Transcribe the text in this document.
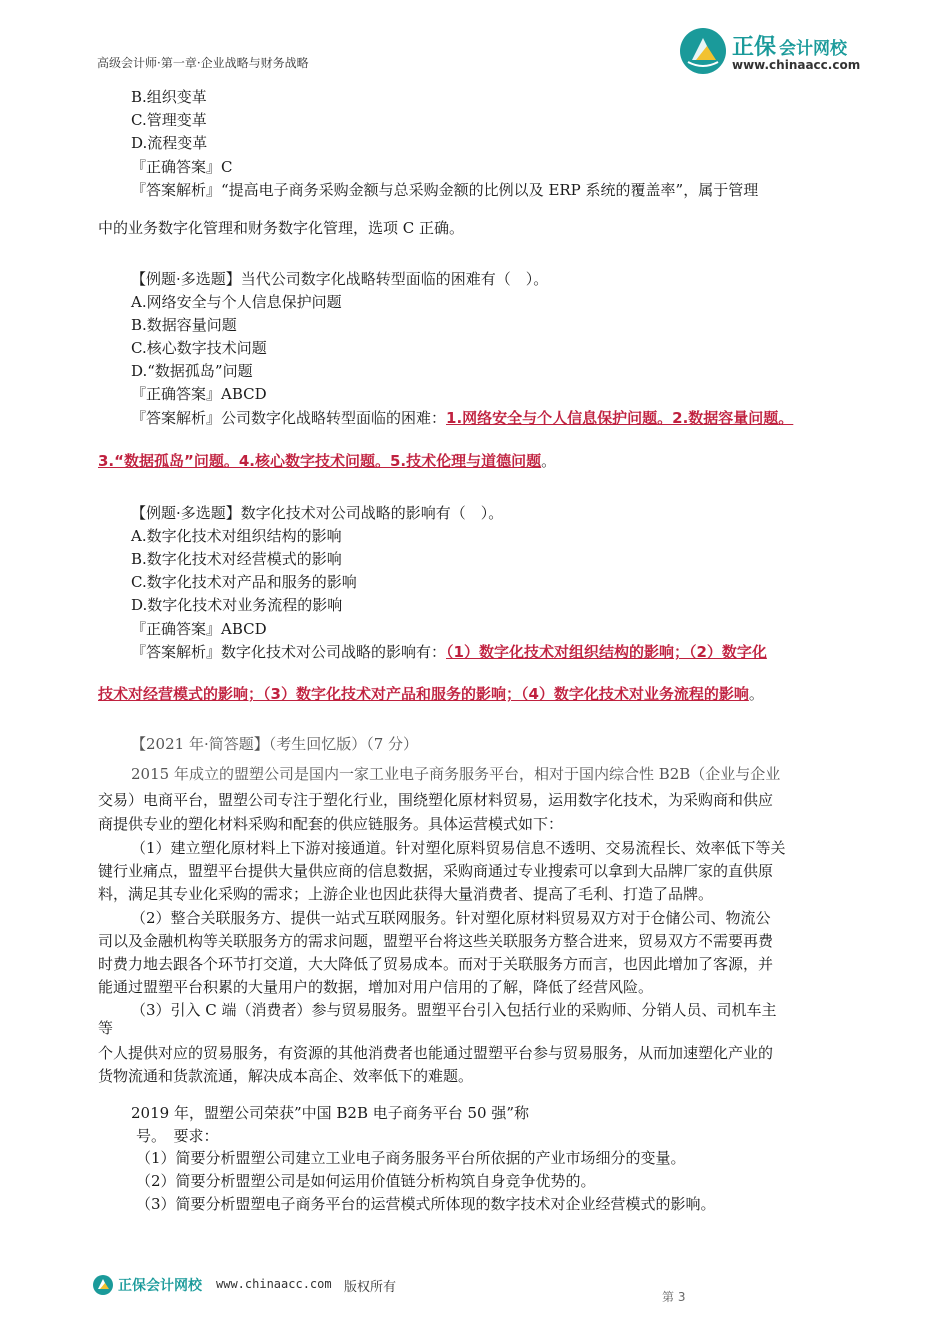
高级会计师·第一章·企业战略与财务战略
正保 会计网校
www.chinaacc.com
B.组织变革
C.管理变革
D.流程变革
『正确答案』C
『答案解析』“提高电子商务采购金额与总采购金额的比例以及 ERP 系统的覆盖率”，属于管理
中的业务数字化管理和财务数字化管理，选项 C 正确。
【例题·多选题】当代公司数字化战略转型面临的困难有（　）。
A.网络安全与个人信息保护问题
B.数据容量问题
C.核心数字技术问题
D.“数据孤岛”问题
『正确答案』ABCD
『答案解析』公司数字化战略转型面临的困难：1.网络安全与个人信息保护问题。2.数据容量问题。
3.“数据孤岛”问题。4.核心数字技术问题。5.技术伦理与道德问题。
【例题·多选题】数字化技术对公司战略的影响有（　）。
A.数字化技术对组织结构的影响
B.数字化技术对经营模式的影响
C.数字化技术对产品和服务的影响
D.数字化技术对业务流程的影响
『正确答案』ABCD
『答案解析』数字化技术对公司战略的影响有：（1）数字化技术对组织结构的影响；（2）数字化
技术对经营模式的影响；（3）数字化技术对产品和服务的影响；（4）数字化技术对业务流程的影响。
【2021 年·简答题】（考生回忆版）（7 分）
2015 年成立的盟塑公司是国内一家工业电子商务服务平台，相对于国内综合性 B2B（企业与企业
交易）电商平台，盟塑公司专注于塑化行业，围绕塑化原材料贸易，运用数字化技术，为采购商和供应
商提供专业的塑化材料采购和配套的供应链服务。具体运营模式如下：
（1）建立塑化原材料上下游对接通道。针对塑化原料贸易信息不透明、交易流程长、效率低下等关
键行业痛点，盟塑平台提供大量供应商的信息数据，采购商通过专业搜索可以拿到大品牌厂家的直供原
料，满足其专业化采购的需求；上游企业也因此获得大量消费者、提高了毛利、打造了品牌。
（2）整合关联服务方、提供一站式互联网服务。针对塑化原材料贸易双方对于仓储公司、物流公
司以及金融机构等关联服务方的需求问题，盟塑平台将这些关联服务方整合进来，贸易双方不需要再费
时费力地去跟各个环节打交道，大大降低了贸易成本。而对于关联服务方而言，也因此增加了客源，并
能通过盟塑平台积累的大量用户的数据，增加对用户信用的了解，降低了经营风险。
（3）引入 C 端（消费者）参与贸易服务。盟塑平台引入包括行业的采购师、分销人员、司机车主
等
个人提供对应的贸易服务，有资源的其他消费者也能通过盟塑平台参与贸易服务，从而加速塑化产业的
货物流通和货款流通，解决成本高企、效率低下的难题。
2019 年，盟塑公司荣获”中国 B2B 电子商务平台 50 强”称
号。　要求：
（1）简要分析盟塑公司建立工业电子商务服务平台所依据的产业市场细分的变量。
（2）简要分析盟塑公司是如何运用价值链分析构筑自身竞争优势的。
（3）简要分析盟塑电子商务平台的运营模式所体现的数字技术对企业经营模式的影响。
正保会计网校 www.chinaacc.com 版权所有
第 3
